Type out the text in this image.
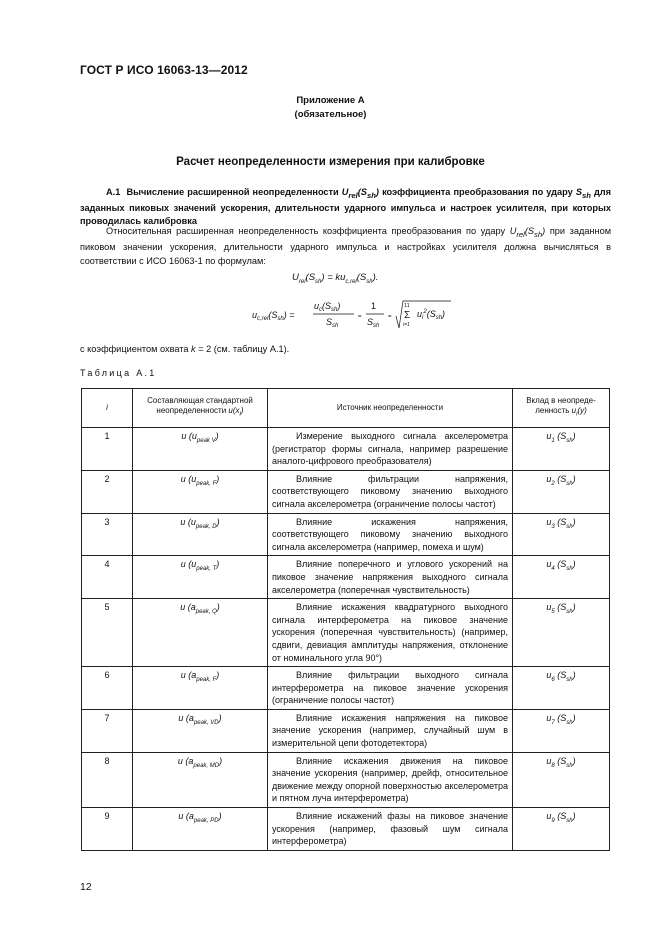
ГОСТ Р ИСО 16063-13—2012
Приложение А
(обязательное)
Расчет неопределенности измерения при калибровке

А.1 Вычисление расширенной неопределенности $U_{rel}(S_{sh})$ коэффициента преобразования по удару $S_{sh}$ для заданных пиковых значений ускорения, длительности ударного импульса и настроек усилителя, при которых проводилась калибровка

Относительная расширенная неопределенность коэффициента преобразования по удару $U_{rel}(S_{sh})$ при заданном пиковом значении ускорения, длительности ударного импульса и настройках усилителя должна вычисляться в соответствии с ИСО 16063-1 по формулам:

$U_{rel}(S_{sh}) = ku_{c,rel}(S_{sh})$.
$u_{c,rel}(S_{sh})$ =
$u_c(S_{sh})$
$S_{sh}$
=
1
$S_{sh}$
=
11
Σ
i=1
$u_i^2(S_{sh})$

с коэффициентом охвата k = 2 (см. таблицу А.1).

Таблица А.1
i	Составляющая стандартной неопределенности $u(x_i)$	Источник неопределенности	Вклад в неопреде-ленность $u_i(y)$
1	u $(u_{peak V})$	Измерение выходного сигнала акселерометра (регистратор формы сигнала, например разрешение аналого-цифрового преобразователя)	$u_1$ $(S_{sh})$
2	u $(u_{peak, F})$	Влияние фильтрации напряжения, соответствующего пиковому значению выходного сигнала акселерометра (ограничение полосы частот)	$u_2$ $(S_{sh})$
3	u $(u_{peak, D})$	Влияние искажения напряжения, соответствующего пиковому значению выходного сигнала акселерометра (например, помеха и шум)	$u_3$ $(S_{sh})$
4	u $(u_{peak, T})$	Влияние поперечного и углового ускорений на пиковое значение напряжения выходного сигнала акселерометра (поперечная чувствительность)	$u_4$ $(S_{sh})$
5	u $(a_{peak, Q})$	Влияние искажения квадратурного выходного сигнала интерферометра на пиковое значение ускорения (поперечная чувствительность) (например, сдвиги, девиация амплитуды напряжения, отклонение от номинального угла 90°)	$u_5$ $(S_{sh})$
6	u $(a_{peak, F})$	Влияние фильтрации выходного сигнала интерферометра на пиковое значение ускорения (ограничение полосы частот)	$u_6$ $(S_{sh})$
7	u $(a_{peak, VD})$	Влияние искажения напряжения на пиковое значение ускорения (например, случайный шум в измерительной цепи фотодетектора)	$u_7$ $(S_{sh})$
8	u $(a_{peak, MD})$	Влияние искажения движения на пиковое значение ускорения (например, дрейф, относительное движение между опорной поверхностью акселерометра и пятном луча интерферометра)	$u_8$ $(S_{sh})$
9	u $(a_{peak, PD})$	Влияние искажений фазы на пиковое значение ускорения (например, фазовый шум сигнала интерферометра)	$u_9$ $(S_{sh})$
12
